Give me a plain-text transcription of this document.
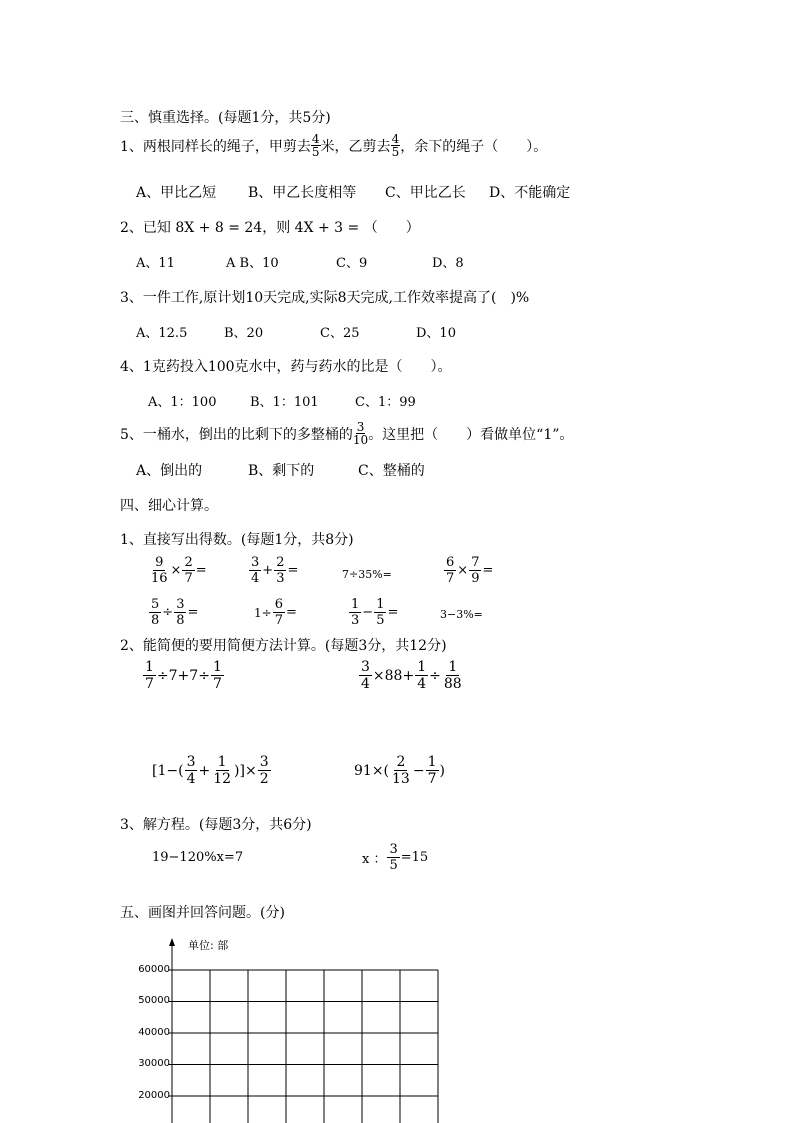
三、慎重选择。(每题1分，共5分)
1、两根同样长的绳子，甲剪去 $\frac{4}{5}$ 米，乙剪去 $\frac{4}{5}$ ，余下的绳子（　　）。
A、甲比乙短 B、甲乙长度相等 C、甲比乙长 D、不能确定
2、已知 8X + 8 = 24，则 4X + 3 = （　　）
A、11	A B、10	C、9	D、8
3、一件工作,原计划10天完成,实际8天完成,工作效率提高了(　)%
A、12.5	B、20	C、25	D、10
4、1克药投入100克水中，药与药水的比是（　　）。
A、1：100	B、1：101	C、1：99
5、一桶水，倒出的比剩下的多整桶的 $\frac{3}{10}$ 。这里把（　　）看做单位“1”。
A、倒出的	B、剩下的	C、整桶的
四、细心计算。
1、直接写出得数。(每题1分，共8分)
$\frac{9}{16} \times \frac{2}{7}$ =	$\frac{3}{4} + \frac{2}{3}$ =	7÷35%=	$\frac{6}{7} \times \frac{7}{9}$ =
$\frac{5}{8} \div \frac{3}{8}$ =	$1\div \frac{6}{7}$ =	$\frac{1}{3} - \frac{1}{5}$ =	3−3%=
2、能简便的要用简便方法计算。(每题3分，共12分)
$\frac{1}{7} \div 7+7\div \frac{1}{7}$	$\frac{3}{4} \times 88+ \frac{1}{4} \div \frac{1}{88}$
[$1-( \frac{3}{4} + \frac{1}{12}$ )]× $\frac{3}{2}$	$91\times( \frac{2}{13} - \frac{1}{7}$ )
3、解方程。(每题3分，共6分)
19−120%x=7	x ： $\frac{3}{5} =15$
五、画图并回答问题。(分)
单位: 部
60000
50000
40000
30000
20000
